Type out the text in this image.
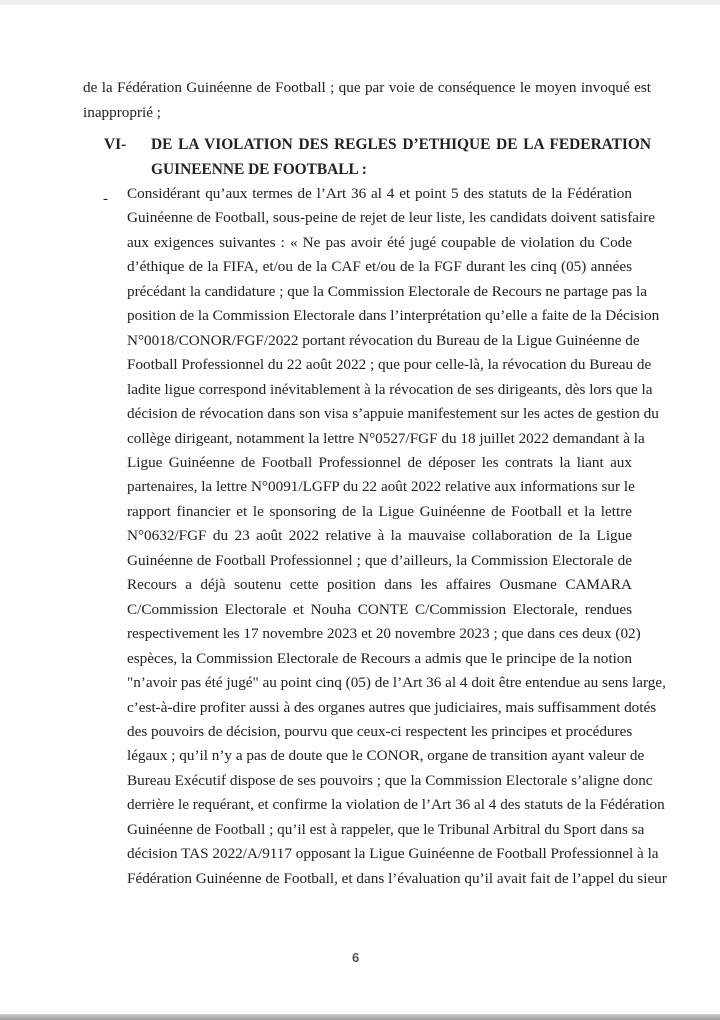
de la Fédération Guinéenne de Football ; que par voie de conséquence le moyen invoqué est
inapproprié ;
VI- DE LA VIOLATION DES REGLES D’ETHIQUE DE LA FEDERATION
GUINEENNE DE FOOTBALL :
- Considérant qu’aux termes de l’Art 36 al 4 et point 5 des statuts de la Fédération
Guinéenne de Football, sous-peine de rejet de leur liste, les candidats doivent satisfaire
aux exigences suivantes : « Ne pas avoir été jugé coupable de violation du Code
d’éthique de la FIFA, et/ou de la CAF et/ou de la FGF durant les cinq (05) années
précédant la candidature ; que la Commission Electorale de Recours ne partage pas la
position de la Commission Electorale dans l’interprétation qu’elle a faite de la Décision
N°0018/CONOR/FGF/2022 portant révocation du Bureau de la Ligue Guinéenne de
Football Professionnel du 22 août 2022 ; que pour celle-là, la révocation du Bureau de
ladite ligue correspond inévitablement à la révocation de ses dirigeants, dès lors que la
décision de révocation dans son visa s’appuie manifestement sur les actes de gestion du
collège dirigeant, notamment la lettre N°0527/FGF du 18 juillet 2022 demandant à la
Ligue Guinéenne de Football Professionnel de déposer les contrats la liant aux
partenaires, la lettre N°0091/LGFP du 22 août 2022 relative aux informations sur le
rapport financier et le sponsoring de la Ligue Guinéenne de Football et la lettre
N°0632/FGF du 23 août 2022 relative à la mauvaise collaboration de la Ligue
Guinéenne de Football Professionnel ; que d’ailleurs, la Commission Electorale de
Recours a déjà soutenu cette position dans les affaires Ousmane CAMARA
C/Commission Electorale et Nouha CONTE C/Commission Electorale, rendues
respectivement les 17 novembre 2023 et 20 novembre 2023 ; que dans ces deux (02)
espèces, la Commission Electorale de Recours a admis que le principe de la notion
"n’avoir pas été jugé" au point cinq (05) de l’Art 36 al 4 doit être entendue au sens large,
c’est-à-dire profiter aussi à des organes autres que judiciaires, mais suffisamment dotés
des pouvoirs de décision, pourvu que ceux-ci respectent les principes et procédures
légaux ; qu’il n’y a pas de doute que le CONOR, organe de transition ayant valeur de
Bureau Exécutif dispose de ses pouvoirs ; que la Commission Electorale s’aligne donc
derrière le requérant, et confirme la violation de l’Art 36 al 4 des statuts de la Fédération
Guinéenne de Football ; qu’il est à rappeler, que le Tribunal Arbitral du Sport dans sa
décision TAS 2022/A/9117 opposant la Ligue Guinéenne de Football Professionnel à la
Fédération Guinéenne de Football, et dans l’évaluation qu’il avait fait de l’appel du sieur
6
